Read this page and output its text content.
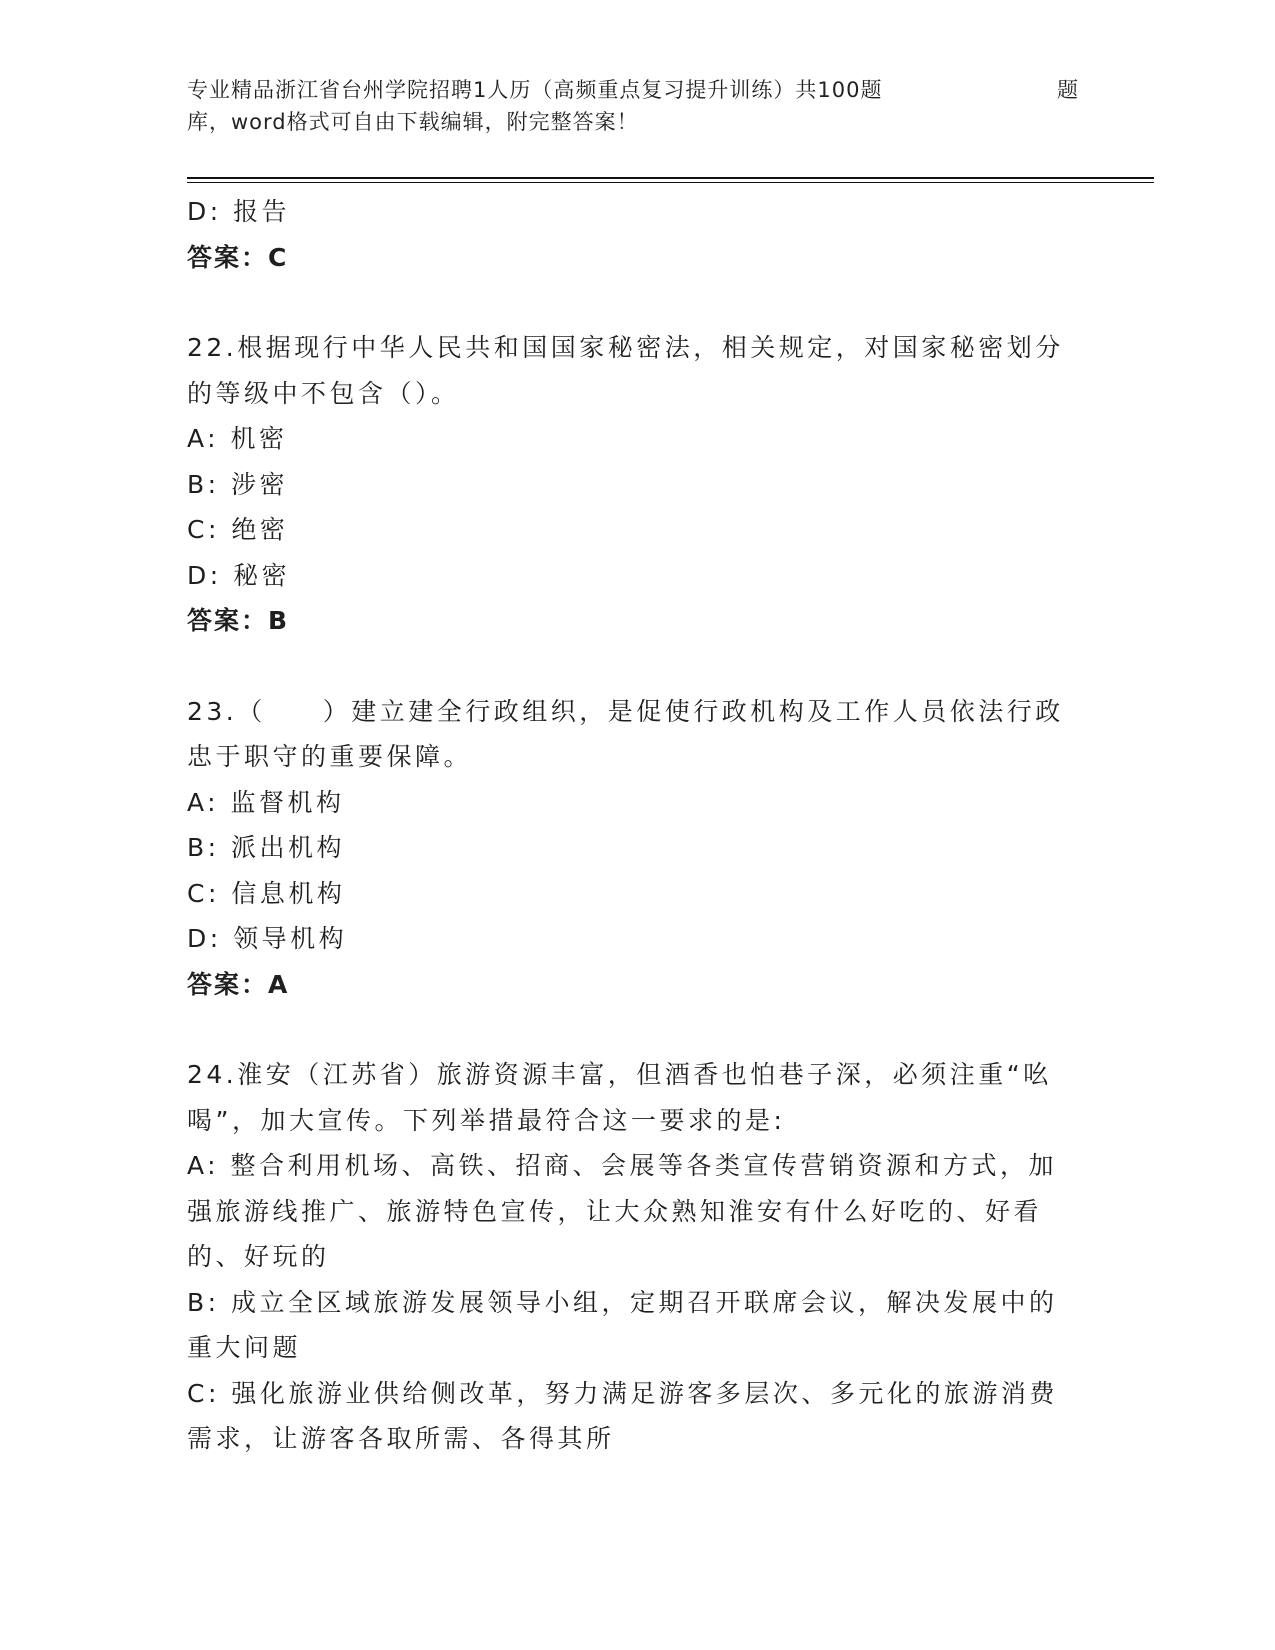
专业精品浙江省台州学院招聘1人历（高频重点复习提升训练）共100题	题
库，word格式可自由下载编辑，附完整答案！
D: 报告
答案：C
22.根据现行中华人民共和国国家秘密法，相关规定，对国家秘密划分
的等级中不包含（）。
A: 机密
B: 涉密
C: 绝密
D: 秘密
答案：B
23.（　　）建立建全行政组织，是促使行政机构及工作人员依法行政
忠于职守的重要保障。
A: 监督机构
B: 派出机构
C: 信息机构
D: 领导机构
答案：A
24.淮安（江苏省）旅游资源丰富，但酒香也怕巷子深，必须注重“吆
喝”，加大宣传。下列举措最符合这一要求的是:
A: 整合利用机场、高铁、招商、会展等各类宣传营销资源和方式，加
强旅游线推广、旅游特色宣传，让大众熟知淮安有什么好吃的、好看
的、好玩的
B: 成立全区域旅游发展领导小组，定期召开联席会议，解决发展中的
重大问题
C: 强化旅游业供给侧改革，努力满足游客多层次、多元化的旅游消费
需求，让游客各取所需、各得其所
